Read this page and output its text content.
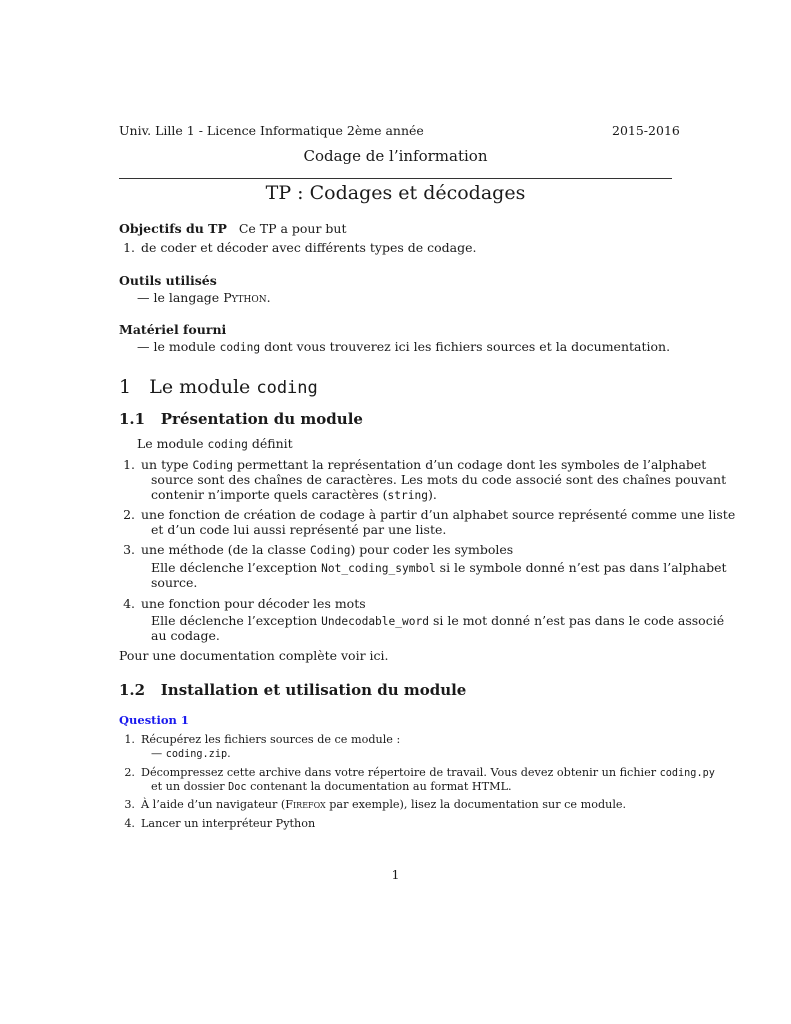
Univ. Lille 1 - Licence Informatique 2ème année	2015-2016
Codage de l’information
TP : Codages et décodages
Objectifs du TP Ce TP a pour but
1. de coder et décoder avec différents types de codage.
Outils utilisés
— le langage Python.
Matériel fourni
— le module coding dont vous trouverez ici les fichiers sources et la documentation.
1 Le module coding
1.1 Présentation du module
Le module coding définit
1. un type Coding permettant la représentation d’un codage dont les symboles de l’alphabet
source sont des chaînes de caractères. Les mots du code associé sont des chaînes pouvant
contenir n’importe quels caractères (string).
2. une fonction de création de codage à partir d’un alphabet source représenté comme une liste
et d’un code lui aussi représenté par une liste.
3. une méthode (de la classe Coding) pour coder les symboles
Elle déclenche l’exception Not_coding_symbol si le symbole donné n’est pas dans l’alphabet
source.
4. une fonction pour décoder les mots
Elle déclenche l’exception Undecodable_word si le mot donné n’est pas dans le code associé
au codage.
Pour une documentation complète voir ici.
1.2 Installation et utilisation du module
Question 1
1. Récupérez les fichiers sources de ce module :
— coding.zip.
2. Décompressez cette archive dans votre répertoire de travail. Vous devez obtenir un fichier coding.py
et un dossier Doc contenant la documentation au format HTML.
3. À l’aide d’un navigateur (Firefox par exemple), lisez la documentation sur ce module.
4. Lancer un interpréteur Python
1
